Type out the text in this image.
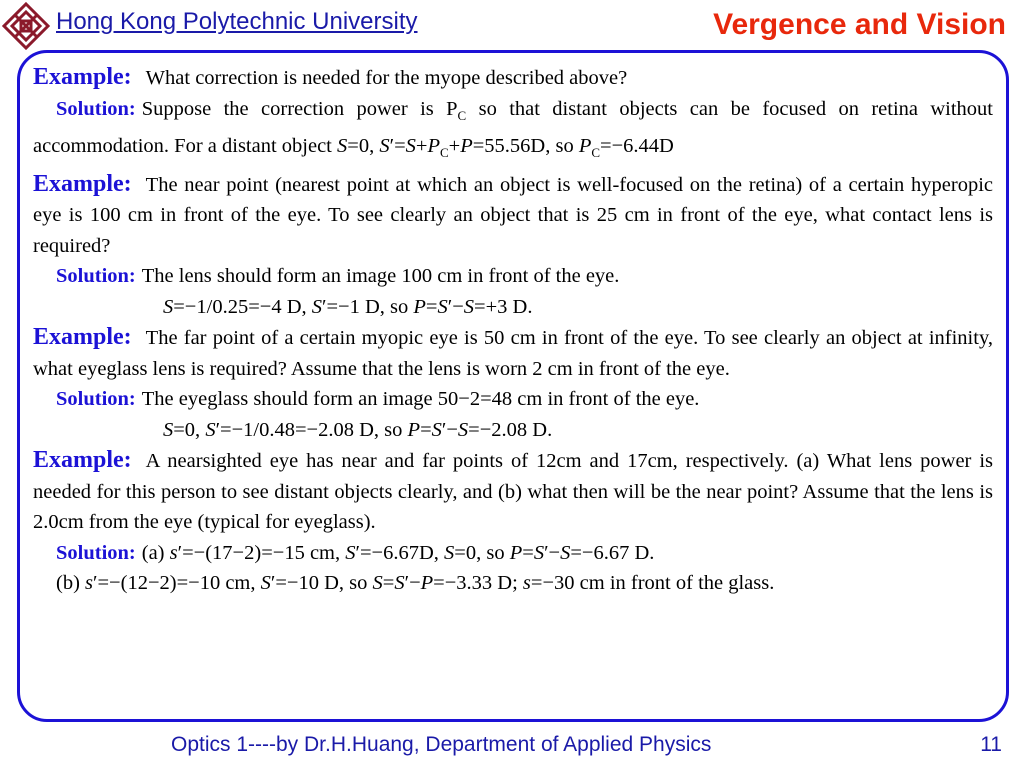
Hong Kong Polytechnic University	Vergence and Vision

Example: What correction is needed for the myope described above?

Solution: Suppose the correction power is $P_C$ so that distant objects can be focused on retina without accommodation. For a distant object S=0, $S'=S+P_C+P=55.56D$, so $P_C=-6.44D$

Example: The near point (nearest point at which an object is well-focused on the retina) of a certain hyperopic eye is 100 cm in front of the eye. To see clearly an object that is 25 cm in front of the eye, what contact lens is required?

Solution: The lens should form an image 100 cm in front of the eye.

S=−1/0.25=−4 D, S′=−1 D, so P=S′−S=+3 D.

Example: The far point of a certain myopic eye is 50 cm in front of the eye. To see clearly an object at infinity, what eyeglass lens is required? Assume that the lens is worn 2 cm in front of the eye.

Solution: The eyeglass should form an image 50−2=48 cm in front of the eye.

S=0, S′=−1/0.48=−2.08 D, so P=S′−S=−2.08 D.

Example: A nearsighted eye has near and far points of 12cm and 17cm, respectively. (a) What lens power is needed for this person to see distant objects clearly, and (b) what then will be the near point? Assume that the lens is 2.0cm from the eye (typical for eyeglass).

Solution: (a) s′=−(17−2)=−15 cm, S′=−6.67D, S=0, so P=S′−S=−6.67 D.

(b) s′=−(12−2)=−10 cm, S′=−10 D, so S=S′−P=−3.33 D; s=−30 cm in front of the glass.

Optics 1----by Dr.H.Huang, Department of Applied Physics	11
